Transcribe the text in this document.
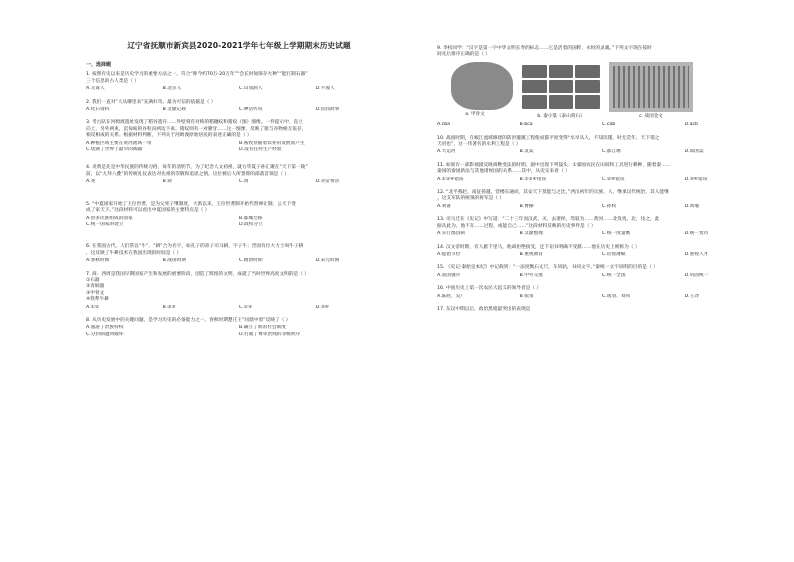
辽宁省抚顺市新宾县2020-2021学年七年级上学期期末历史试题
一、选择题
1. 按照有史以来是历史学习的重要方法之一。符合“距今约70万-20万年”“会长时间保存火种”“能打制石器”
三个信息的古人类是（ ）
A.元谋人	B.北京人	C.山顶洞人	D.半坡人
2. 我们一直对“人从哪里来”充满好奇。最为可信的依据是（ ）
A.化石资料	B.文献记载	C.神话传说	D.民间故事
3. 考古队在河姆渡遗址发现了稻谷遗存……外壁刻有对称的稻穗纹和猪纹（图）图像。一件提示中，直立
向上，另外两束，沉甸甸的谷粒向两边下垂。猪纹则有一对獠牙……这一图像，反映了猪与谷物相互依存，
相反相成的关系。根据材料判断，下列关于河姆渡原始居民的表述正确的是（ ）
A.种植区域主要在黄河流域一带	B.畜牧业随着农业的发展而产生
C.烧制了世界上最早的陶器	D.没有任何生产经验
4. 炎黄是先是中华民族的传统习俗，每年的清明节，为了纪念人文初祖，就方华夏子孙汇聚在“天下第一陵”
前，以“九拜八叠”的传统礼仪表达对先祖的崇敬和追思之情。这位被后人所景仰的部落首领是（ ）
A.尧	B.舜	C.禹	D.炎帝黄帝
5. “中夏国家开始了王位世袭，是为父死子继制度，大禹以来，王位世袭制开始代替禅让制，公天下变
成了家天下。”这段材料可以看出中夏国家的主要特点是（ ）
A.由多民族组成的国家	B.都城迁移
C.统一国家的建立	D.政权分立
6. 在我国古代，人们常以“牛”、“耕”合为名字，如孔子的弟子司马耕，字子牛；晋国有位大力士叫牛子耕
，这反映了牛耕技术在我国出现的时间是（ ）
A.春秋时期	B.战国时期	C.隋唐时期	D.宋元时期
7. 商、西周是我国早期国家产生和发展的重要阶段，创造了辉煌的文明，成就了当时世界高度文明的是（ ）
①石器
②青铜器
③甲骨文
④铁犁牛耕
A.①②	B.②③	C.①③	D.③④
8. 从历史发展中的关键问题，是学习历史的必备能力之一。春秋时期楚庄王“问鼎中原”反映了（ ）
A.旅游了贵族特权	B.确立了新的社会制度
C.分封制遭到破坏	D.打破了尊卑贵贱的等级秩序
9. 李权同学：“汉字是第一字中华文明长寿的标志……它是活着的国粹，永恒的灵魂。”下列文字现在按时
间先后排序正确的是（ ）
a. 甲骨文	b. 秦小篆《泰山刻石》	c. 战国金文
A.cba	B.bca	C.cab	D.acb
10. 战国时期，在岷江流域修建的防洪灌溉工程使成都平原变得“水旱从人，不知饥馑，时无荒年，天下谓之
天府也”，这一伟著名的水利工程是（ ）
A.大运河	B.灵渠	C.都江堰	D.郑国渠
11. 如果有一部影视剧反映商鞅变法的时期，剧中出现下列镜头：①秦国农民在田间和工具进行耕种，随着秦……
秦国的秦国新法与其他诸侯国的关系……其中，从史实来看（ ）
A.①②④错误	B.①②④错误	C.②④错误	D.③④错误
12. “北平燕赵，南征扬越，营楼东通而，其安天下莫能与之比，”西汉初年的宗族、人，继承汉代统治，其人能继
。这支军队的统领的将军是（ ）
A.刘备	B.曹操	C.孙权	D.周瑜
13. 司马迁在《史记》中写道：“二十三年而汉武、灭、去诸侯，驾驭为……黄河……北伐夷，北，伐之，此
据从此为。他不在……过程，或能自己……”这段材料反映的历史事件是（ ）
A.实行郡县制	B.文献整理	C.统一度量衡	D.统一货币
14. 汉文帝时期，有人献千里马，他却拒绝接受，还下诏书明确不受献……他在历史上被称为（ ）
A.提倡节俭	B.重视教育	C.轻徭薄赋	D.重视人才
15. 《史记·秦始皇本纪》中记载到：“一法度衡石丈尺，车同轨，书同文字。”秦统一文字说明的目的是（ ）
A.富国强兵	B.中外交流	C.统一全国	D.巩固统一
16. 中国历史上第一次农民大起义的领导者是（ ）
A.陈胜、吴广	B.张角	C.项羽、刘邦	D.王莽
17. 东汉中期以后，政治黑暗最突出的表现是
